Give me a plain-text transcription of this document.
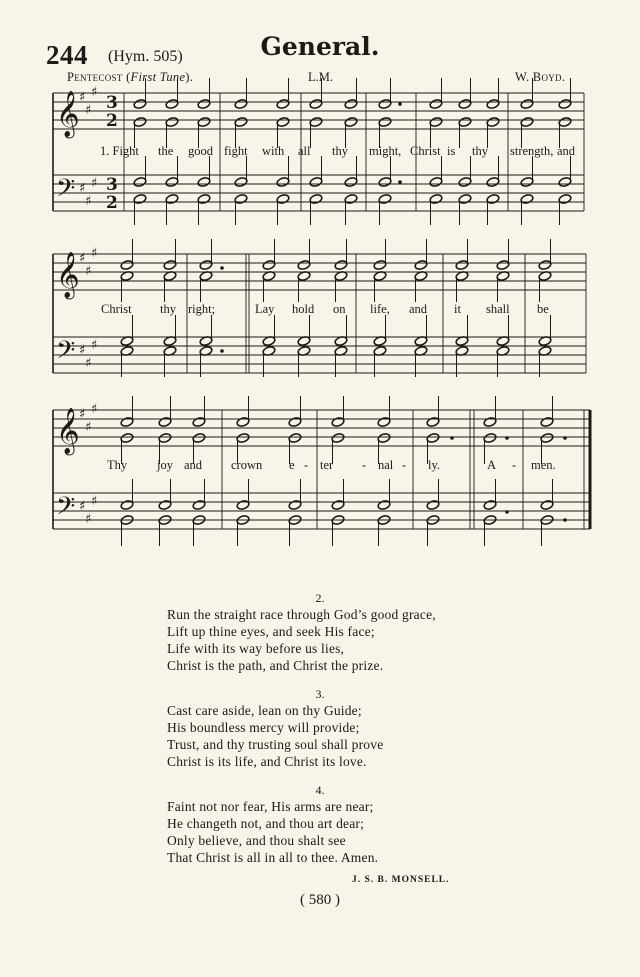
244 (Hym. 505)	General.
Pentecost (First Tune).	L.M.	W. Boyd.
𝄞
𝄢
♯
♯
♯
♯
♯
♯
3
2
3
2
𝄞
𝄢
♯
♯
♯
♯
♯
♯
𝄞
𝄢
♯
♯
♯
♯
♯
♯
1. Fight the good fight with all thy might, Christ is thy strength, and
Christ thy right;	Lay hold on life, and it shall be
Thy joy and crown e - ter - nal - ly.	A - men.
2.
Run the straight race through God’s good grace,
Lift up thine eyes, and seek His face;
Life with its way before us lies,
Christ is the path, and Christ the prize.
3.
Cast care aside, lean on thy Guide;
His boundless mercy will provide;
Trust, and thy trusting soul shall prove
Christ is its life, and Christ its love.
4.
Faint not nor fear, His arms are near;
He changeth not, and thou art dear;
Only believe, and thou shalt see
That Christ is all in all to thee. Amen.
J. S. B. MONSELL.
( 580 )
